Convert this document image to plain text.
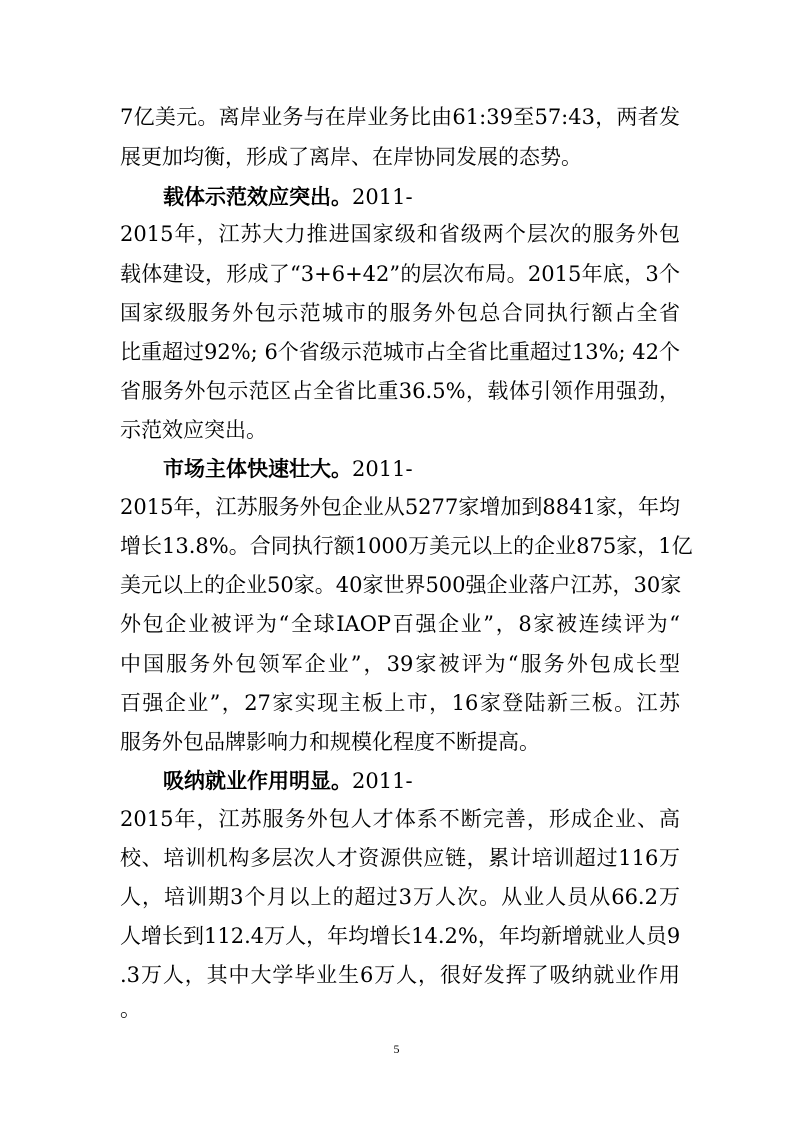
7亿美元。离岸业务与在岸业务比由61:39至57:43，两者发
展更加均衡，形成了离岸、在岸协同发展的态势。
载体示范效应突出。2011-
2015年，江苏大力推进国家级和省级两个层次的服务外包
载体建设，形成了“3+6+42”的层次布局。2015年底，3个
国家级服务外包示范城市的服务外包总合同执行额占全省
比重超过92%; 6个省级示范城市占全省比重超过13%; 42个
省服务外包示范区占全省比重36.5%，载体引领作用强劲，
示范效应突出。
市场主体快速壮大。2011-
2015年，江苏服务外包企业从5277家增加到8841家，年均
增长13.8%。合同执行额1000万美元以上的企业875家，1亿
美元以上的企业50家。40家世界500强企业落户江苏，30家
外包企业被评为“全球IAOP百强企业”，8家被连续评为“
中国服务外包领军企业”，39家被评为“服务外包成长型
百强企业”，27家实现主板上市，16家登陆新三板。江苏
服务外包品牌影响力和规模化程度不断提高。
吸纳就业作用明显。2011-
2015年，江苏服务外包人才体系不断完善，形成企业、高
校、培训机构多层次人才资源供应链，累计培训超过116万
人，培训期3个月以上的超过3万人次。从业人员从66.2万
人增长到112.4万人，年均增长14.2%，年均新增就业人员9
.3万人，其中大学毕业生6万人，很好发挥了吸纳就业作用
。
5
